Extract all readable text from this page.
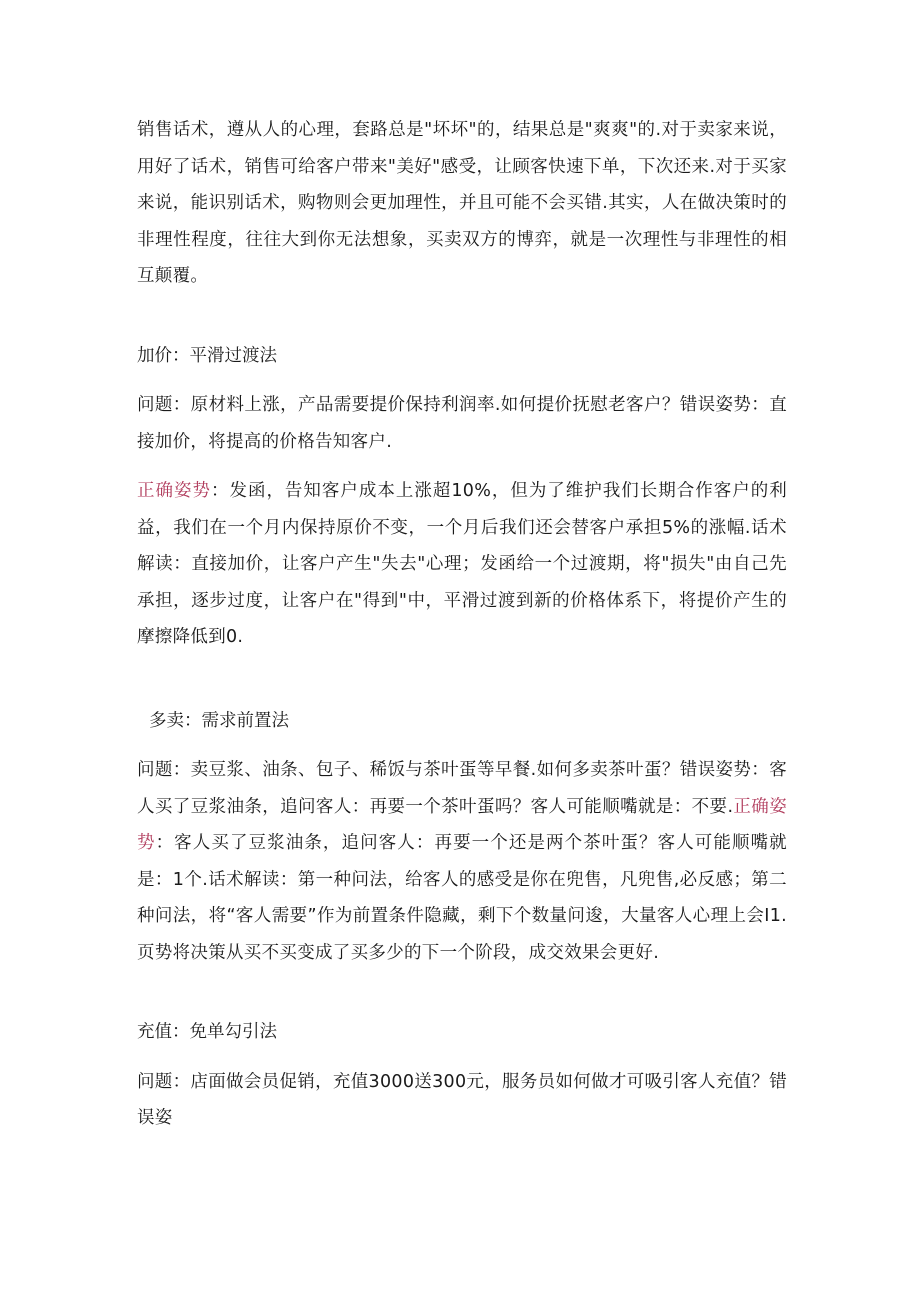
销售话术，遵从人的心理，套路总是"坏坏"的，结果总是"爽爽"的.对于卖家来说，用好了话术，销售可给客户带来"美好"感受，让顾客快速下单，下次还来.对于买家来说，能识别话术，购物则会更加理性，并且可能不会买错.其实，人在做决策时的非理性程度，往往大到你无法想象，买卖双方的博弈，就是一次理性与非理性的相互颠覆。

加价：平滑过渡法

问题：原材料上涨，产品需要提价保持利润率.如何提价抚慰老客户？错误姿势：直接加价，将提高的价格告知客户.

正确姿势：发函，告知客户成本上涨超10%，但为了维护我们长期合作客户的利益，我们在一个月内保持原价不变，一个月后我们还会替客户承担5%的涨幅.话术解读：直接加价，让客户产生"失去"心理；发函给一个过渡期，将"损失"由自己先承担，逐步过度，让客户在"得到"中，平滑过渡到新的价格体系下，将提价产生的摩擦降低到0.

多卖：需求前置法

问题：卖豆浆、油条、包子、稀饭与茶叶蛋等早餐.如何多卖茶叶蛋？错误姿势：客人买了豆浆油条，追问客人：再要一个茶叶蛋吗？客人可能顺嘴就是：不要.正确姿势：客人买了豆浆油条，追问客人：再要一个还是两个茶叶蛋？客人可能顺嘴就是：1个.话术解读：第一种问法，给客人的感受是你在兜售，凡兜售,必反感；第二种问法，将“客人需要”作为前置条件隐藏，剩下个数量问逡，大量客人心理上会I1.页势将决策从买不买变成了买多少的下一个阶段，成交效果会更好.

充值：免单勾引法

问题：店面做会员促销，充值3000送300元，服务员如何做才可吸引客人充值？错误姿
